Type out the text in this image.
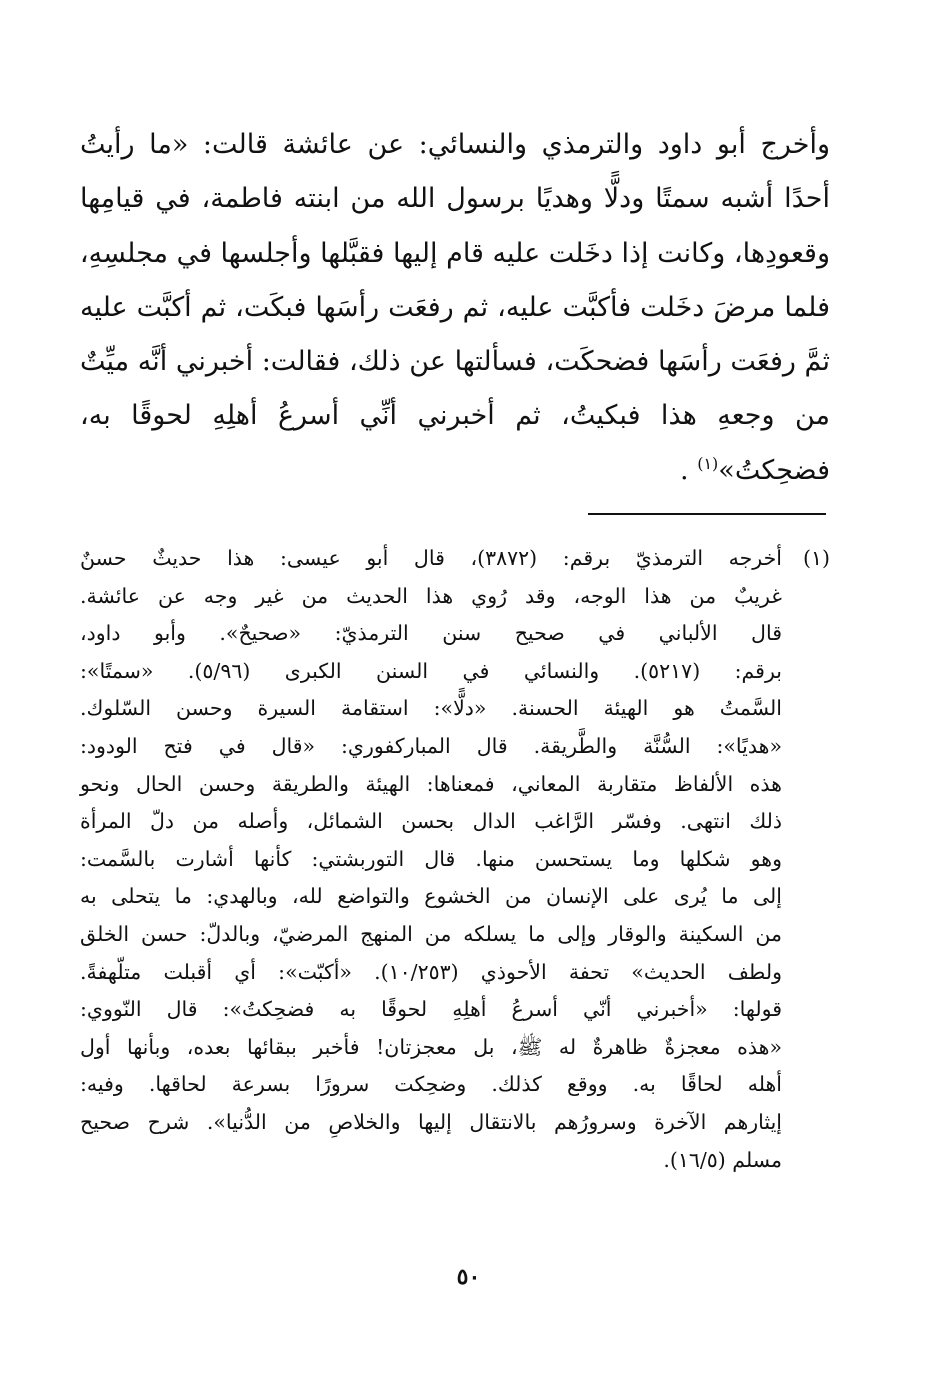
وأخرج أبو داود والترمذي والنسائي: عن عائشة قالت: «ما رأيتُ
أحدًا أشبه سمتًا ودلًّا وهديًا برسول الله من ابنته فاطمة، في قيامِها
وقعودِها، وكانت إذا دخَلت عليه قام إليها فقبَّلها وأجلسها في مجلسِهِ،
فلما مرضَ دخَلت فأكبَّت عليه، ثم رفعَت رأسَها فبكَت، ثم أكبَّت عليه
ثمَّ رفعَت رأسَها فضحكَت، فسألتها عن ذلك، فقالت: أخبرني أنَّه ميِّتٌ
من وجعهِ هذا فبكيتُ، ثم أخبرني أنِّي أسرعُ أهلِهِ لحوقًا به،
فضحِكتُ»$^{(١)}$ .
(١)أخرجه الترمذيّ برقم: (٣٨٧٢)، قال أبو عيسى: هذا حديثٌ حسنٌ
غريبٌ من هذا الوجه، وقد رُوي هذا الحديث من غير وجه عن عائشة.
قال الألباني في صحيح سنن الترمذيّ: «صحيحٌ». وأبو داود،
برقم: (٥٢١٧). والنسائي في السنن الكبرى (٥/٩٦). «سمتًا»:
السَّمتُ هو الهيئة الحسنة. «دلًّا»: استقامة السيرة وحسن السّلوك.
«هديًا»: السُّنَّة والطَّريقة. قال المباركفوري: «قال في فتح الودود:
هذه الألفاظ متقاربة المعاني، فمعناها: الهيئة والطريقة وحسن الحال ونحو
ذلك انتهى. وفسّر الرَّاغب الدال بحسن الشمائل، وأصله من دلّ المرأة
وهو شكلها وما يستحسن منها. قال التوربشتي: كأنها أشارت بالسَّمت:
إلى ما يُرى على الإنسان من الخشوع والتواضع لله، وبالهدي: ما يتحلى به
من السكينة والوقار وإلى ما يسلكه من المنهج المرضيّ، وبالدلّ: حسن الخلق
ولطف الحديث» تحفة الأحوذي (١٠/٢٥٣). «أكبّت»: أي أقبلت متلّهفةً.
قولها: «أخبرني أنّي أسرعُ أهلِهِ لحوقًا به فضحِكتُ»: قال النّووي:
«هذه معجزةٌ ظاهرةٌ له ﷺ، بل معجزتان! فأخبر ببقائها بعده، وبأنها أول
أهله لحاقًا به. ووقع كذلك. وضحِكت سرورًا بسرعة لحاقها. وفيه:
إيثارهم الآخرة وسرورُهم بالانتقال إليها والخلاصِ من الدُّنيا». شرح صحيح
مسلم (١٦/٥).
٥٠
